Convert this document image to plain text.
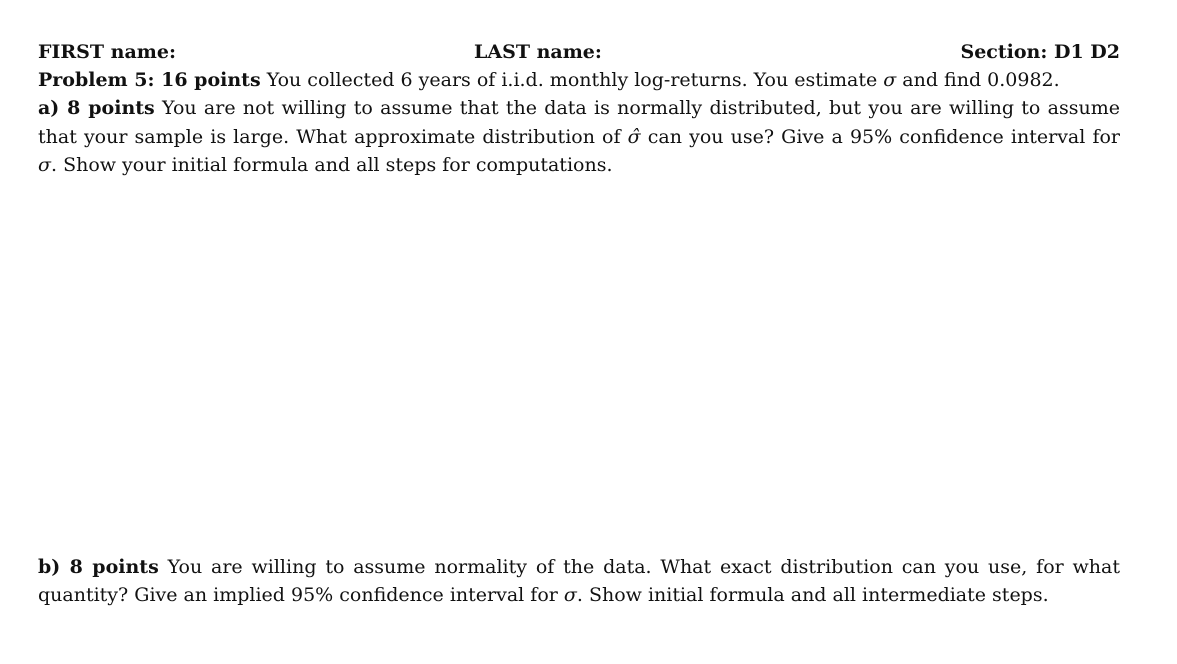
FIRST name:	LAST name:	Section: D1 D2
Problem 5: 16 points You collected 6 years of i.i.d. monthly log-returns. You estimate σ and find 0.0982.
a) 8 points You are not willing to assume that the data is normally distributed, but you are willing to assume that your sample is large. What approximate distribution of σ̂ can you use? Give a 95% confidence interval for σ. Show your initial formula and all steps for computations.
b) 8 points You are willing to assume normality of the data. What exact distribution can you use, for what quantity? Give an implied 95% confidence interval for σ. Show initial formula and all intermediate steps.
